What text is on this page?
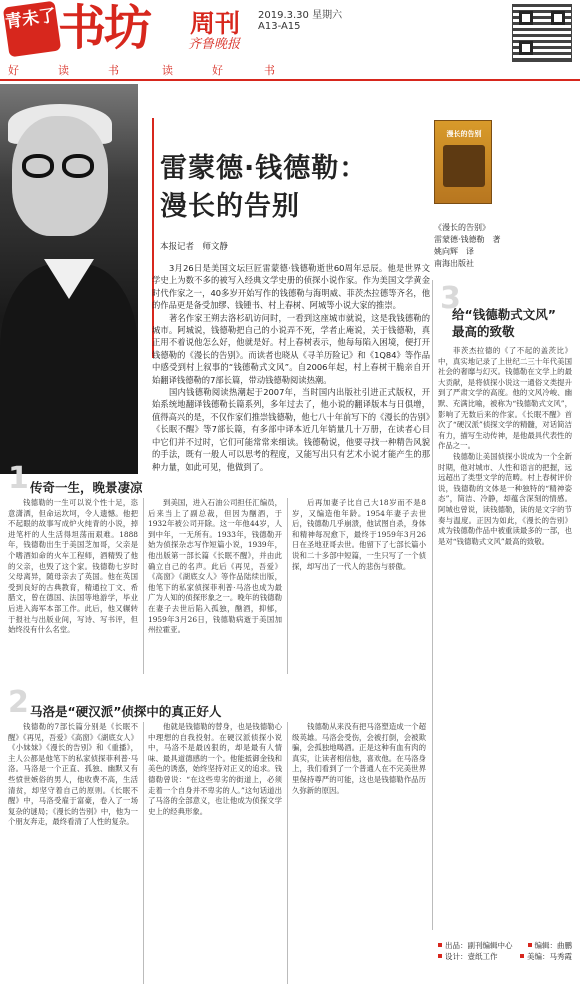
青未了 书坊 周刊
齐鲁晚报
2019.3.30 星期六
A13-A15
好	读	书	读	好	书
雷蒙德·钱德勒：
漫长的告别
本报记者　师文静

3月26日是美国文坛巨匠雷蒙德·钱德勒逝世60周年忌辰。他是世界文学史上为数不多的被写入经典文学史册的侦探小说作家。作为美国文学黄金时代作家之一，40多岁开始写作的钱德勒与海明威、菲茨杰拉德等齐名，他的作品更是备受加缪、钱锺书、村上春树、阿城等小说大家的推崇。

著名作家王朔去洛杉矶访问时，一看到这座城市就说，这是我钱德勒的城市。阿城说，钱德勒把自己的小说弄不死，学者止庵说，关于钱德勒，真正用不着说他怎么好，他就是好。村上春树表示，他每每陷入困境，便打开钱德勒的《漫长的告别》。而读者也晓从《寻羊历险记》和《1Q84》等作品中感受到村上叙事的“钱德勒式文风”。自2006年起，村上春树干脆亲自开始翻译钱德勒的7部长篇，带动钱德勒阅读热潮。

国内钱德勒阅读热潮起于2007年，当时国内出版社引进正式版权，开始系统地翻译钱德勒长篇系列，多年过去了，他小说的翻译版本与日俱增，值得高兴的是，不仅作家们推崇钱德勒，他七八十年前写下的《漫长的告别》《长眠不醒》等7部长篇，有多部中译本近几年销量几十万册，在读者心目中它们并不过时，它们可能常常来细读。钱德勒说，他要寻找一种精告风貌的手法，既有一般人可以思考的程度，又能写出只有艺术小说才能产生的那种力量，如此可见，他做到了。

漫长的告别
《漫长的告别》
雷蒙德·钱德勒　著
姚向辉　译
南海出版社
3
给“钱德勒式文风”
最高的致敬

菲茨杰拉德的《了不起的盖茨比》中，真实地记录了上世纪二三十年代美国社会的奢靡与幻灭。钱德勒在文学上的最大贡献，是将侦探小说这一通俗文类提升到了严肃文学的高度。他的文风冷峻、幽默、充满比喻，被称为“钱德勒式文风”，影响了无数后来的作家。《长眠不醒》首次了“硬汉派”侦探文学的精髓，对话简洁有力，描写生动传神，是他最具代表性的作品之一。

钱德勒让美国侦探小说成为一个全新时期，他对城市、人性和语言的把握，远远超出了类型文学的范畴。村上春树评价说，钱德勒的文体是一种独特的“精神姿态”，简洁、冷静，却蕴含深刻的情感。阿城也曾说，读钱德勒，读的是文字的节奏与温度。正因为如此，《漫长的告别》成为钱德勒作品中被重读最多的一部，也是对“钱德勒式文风”最高的致敬。

1 传奇一生，晚景凄凉

钱德勒的一生可以说个性十足，恣意潇洒，但命运坎坷，令人遗憾。他把不起眼的故事写成炉火纯青的小说，掉进笔杆的人生活得坦荡而艰难。1888年，钱德勒出生于美国芝加哥，父亲是个嗜酒如命的火车工程师，酒精毁了他的父亲，也毁了这个家。钱德勒七岁时父母离异，随母亲去了英国。他在英国受到良好的古典教育，精通拉丁文、希腊文，曾在德国、法国等地游学，毕业后进入海军本部工作。此后，他又辗转于报社与出版业间，写诗、写书评，但始终没有什么名堂。

到美国，进入石油公司担任汇编员，后来当上了副总裁，但因为酗酒，于1932年被公司开除。这一年他44岁，人到中年，一无所有。1933年，钱德勒开始为侦探杂志写作短篇小说，1939年，他出版第一部长篇《长眠不醒》，并由此确立自己的名声。此后《再见，吾爱》《高窗》《湖底女人》等作品陆续出版，他笔下的私家侦探菲利普·马洛也成为最广为人知的侦探形象之一。晚年的钱德勒在妻子去世后陷入孤独，酗酒，抑郁，1959年3月26日，钱德勒病逝于美国加州拉霍亚。

后再加妻子比自己大18岁而不是8岁，又编造他年龄。1954年妻子去世后，钱德勒几乎崩溃，他试图自杀，身体和精神每况愈下，最终于1959年3月26日在圣地亚哥去世。他留下了七部长篇小说和二十多部中短篇，一生只写了一个侦探，却写出了一代人的悲伤与骄傲。

2 马洛是“硬汉派”侦探中的真正好人

钱德勒的7部长篇分别是《长眠不醒》《再见，吾爱》《高窗》《湖底女人》《小妹妹》《漫长的告别》和《重播》，主人公都是他笔下的私家侦探菲利普·马洛。马洛是一个正直、孤独、幽默又有些愤世嫉俗的男人，他收费不高，生活清贫，却坚守着自己的原则。《长眠不醒》中，马洛受雇于富豪，卷入了一场复杂的谜局；《漫长的告别》中，他为一个朋友奔走，最终看清了人性的复杂。

他就是钱德勒的替身，也是钱德勒心中理想的自我投射。在硬汉派侦探小说中，马洛不是最凶狠的，却是最有人情味、最具道德感的一个。他能抵御金钱和美色的诱惑，始终坚持对正义的追求。钱德勒曾说：“在这些卑劣的街道上，必须走着一个自身并不卑劣的人。”这句话道出了马洛的全部意义，也让他成为侦探文学史上的经典形象。

钱德勒从来没有把马洛塑造成一个超级英雄。马洛会受伤，会被打倒，会被欺骗，会孤独地喝酒。正是这种有血有肉的真实，让读者相信他，喜欢他。在马洛身上，我们看到了一个普通人在不完美世界里保持尊严的可能，这也是钱德勒作品历久弥新的原因。

出品：副刊编辑中心	编辑：曲鹏
设计：壹纸工作	美编：马秀霞
